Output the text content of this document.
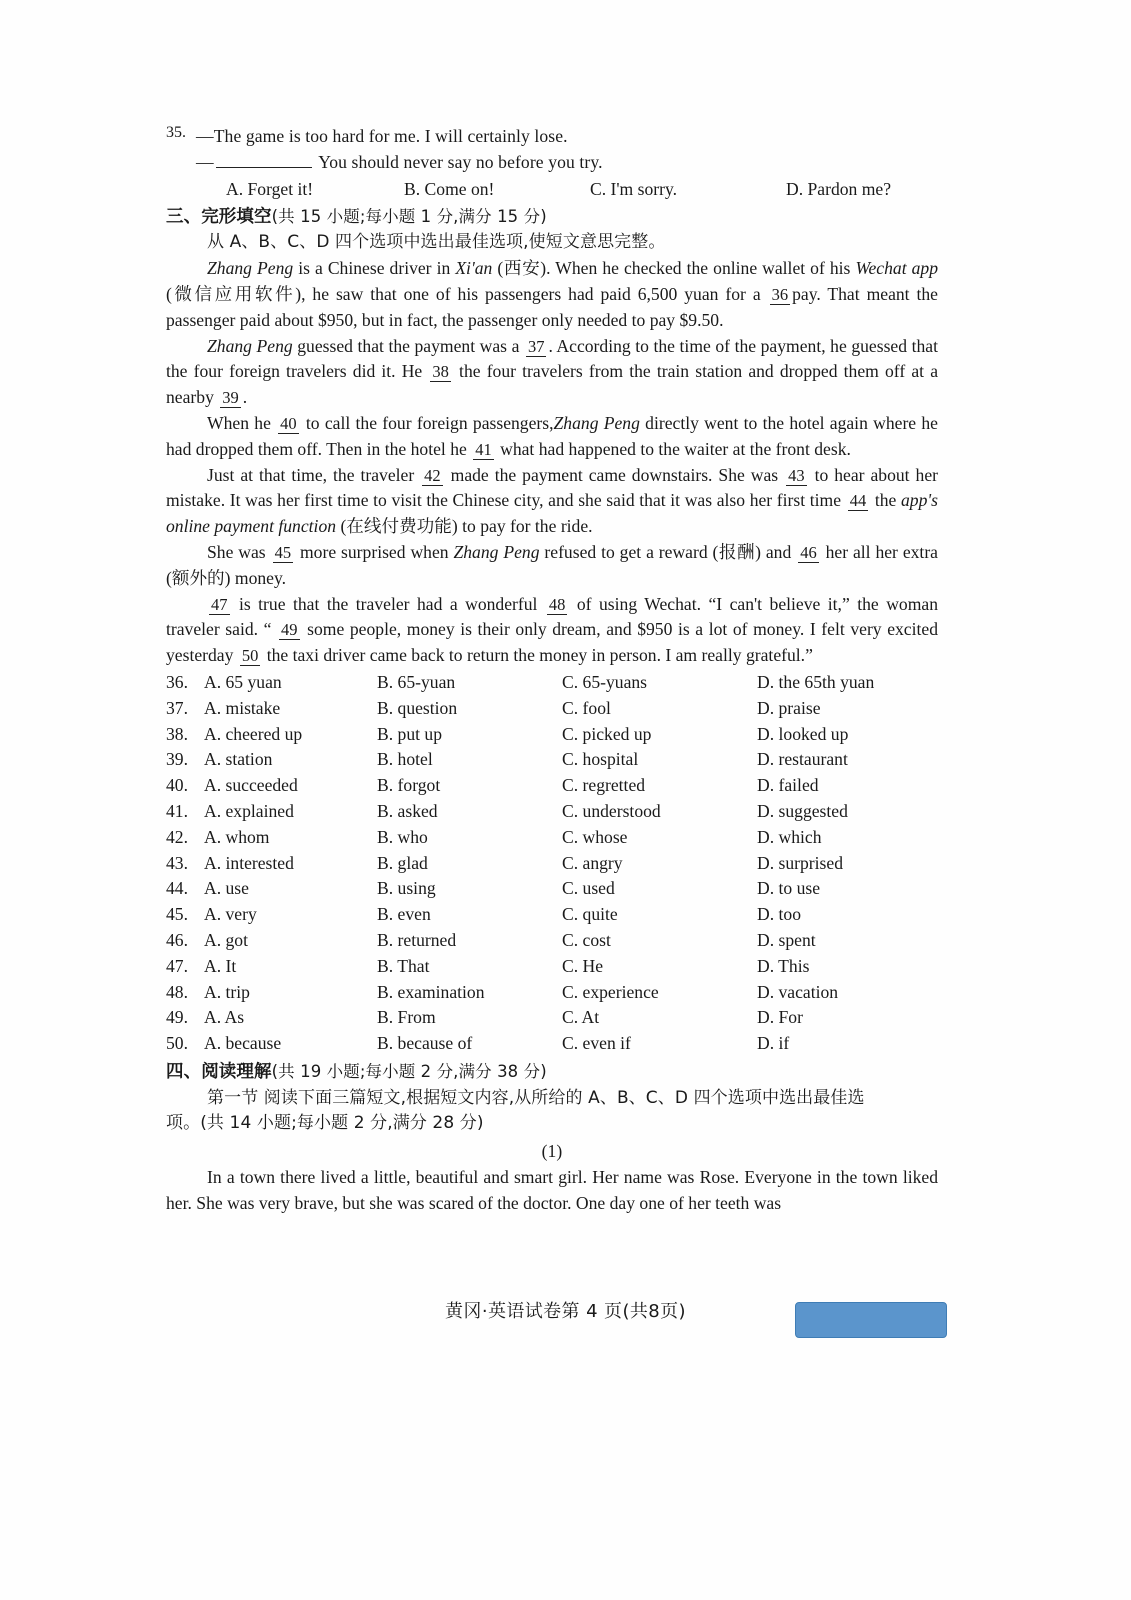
35. —The game is too hard for me. I will certainly lose.
—	You should never say no before you try.
A. Forget it!	B. Come on!	C. I'm sorry.	D. Pardon me?
三、完形填空(共 15 小题;每小题 1 分,满分 15 分)
从 A、B、C、D 四个选项中选出最佳选项,使短文意思完整。

Zhang Peng is a Chinese driver in Xi'an (西安). When he checked the online wallet of his Wechat app (微信应用软件), he saw that one of his passengers had paid 6,500 yuan for a 36 pay. That meant the passenger paid about $950, but in fact, the passenger only needed to pay $9.50.

Zhang Peng guessed that the payment was a 37 . According to the time of the payment, he guessed that the four foreign travelers did it. He 38 the four travelers from the train station and dropped them off at a nearby 39 .

When he 40 to call the four foreign passengers,Zhang Peng directly went to the hotel again where he had dropped them off. Then in the hotel he 41 what had happened to the waiter at the front desk.

Just at that time, the traveler 42 made the payment came downstairs. She was 43 to hear about her mistake. It was her first time to visit the Chinese city, and she said that it was also her first time 44 the app's online payment function (在线付费功能) to pay for the ride.

She was 45 more surprised when Zhang Peng refused to get a reward (报酬) and 46 her all her extra (额外的) money.

47 is true that the traveler had a wonderful 48 of using Wechat. “I can't believe it,” the woman traveler said. “ 49 some people, money is their only dream, and $950 is a lot of money. I felt very excited yesterday 50 the taxi driver came back to return the money in person. I am really grateful.”

36. A. 65 yuan	B. 65-yuan	C. 65-yuans	D. the 65th yuan
37. A. mistake	B. question	C. fool	D. praise
38. A. cheered up	B. put up	C. picked up	D. looked up
39. A. station	B. hotel	C. hospital	D. restaurant
40. A. succeeded	B. forgot	C. regretted	D. failed
41. A. explained	B. asked	C. understood	D. suggested
42. A. whom	B. who	C. whose	D. which
43. A. interested	B. glad	C. angry	D. surprised
44. A. use	B. using	C. used	D. to use
45. A. very	B. even	C. quite	D. too
46. A. got	B. returned	C. cost	D. spent
47. A. It	B. That	C. He	D. This
48. A. trip	B. examination	C. experience	D. vacation
49. A. As	B. From	C. At	D. For
50. A. because	B. because of	C. even if	D. if
四、阅读理解(共 19 小题;每小题 2 分,满分 38 分)
第一节 阅读下面三篇短文,根据短文内容,从所给的 A、B、C、D 四个选项中选出最佳选
项。(共 14 小题;每小题 2 分,满分 28 分)
(1)

In a town there lived a little, beautiful and smart girl. Her name was Rose. Everyone in the town liked her. She was very brave, but she was scared of the doctor. One day one of her teeth was

黄冈·英语试卷第 4 页(共8页)
